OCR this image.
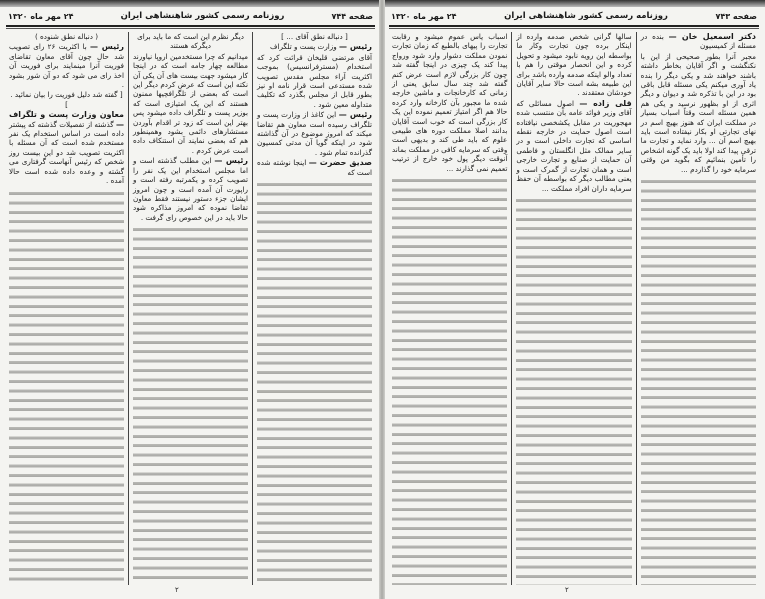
صفحه ۷۴۴
روزنامه رسمی کشور شاهنشاهی ایران
۲۴ مهر ماه ۱۳۲۰

[ دنباله نطق آقای ... ]

رئیس — وزارت پست و تلگراف

آقای مرتضی قلیخان قرائت کرد که استخدام (مسترفرانسیس) بموجب اکثریت آراء مجلس مقدس تصویب شده مستدعی است قرار نامه او نیز بطور قابل از مجلس بگذرد که تکلیف متداوله معین شود .

رئیس — این کاغذ از وزارت پست و تلگراف رسیده است معاون هم تقاضا میکند که امروز موضوع در آن گذاشته شود در اینکه گویا آن مدتی کمسیون گذرانده تمام شود .

صدیق حضرت — اینجا نوشته شده است که

دیگر نظرم این است که ما باید برای دیگرکه هستند

میدانیم که چرا مستخدمین اروپا نیاورند مطالعه چهار جامه است که در اینجا کار میشود جهت بیست های آن یکی آن نکته این است که عرض کردم دیگر این است که بعضی از تلگرافچیها ممنون هستند که این یک امتیازی است که بوزیر پست و تلگراف داده میشود پس بهتر این است که زود تر اقدام بآوردن مستشارهای دائمی بشود وهمینطور هم که بعضی نمایند آن استنکاف داده است عرض کردم .

رئیس — این مطلب گذشته است و اما مجلس استخدام این یک نفر را تصویب کرده و یکمرتبه رفته است و راپورت آن آمده است و چون امروز ایشان جزء دستور نیستند فقط معاون تقاضا نموده که امروز مذاکره شود حالا باید در این خصوص رای گرفت .

( دنباله نطق شنوده )

رئیس — با اکثریت ۲۶ رای تصویب شد حال چون آقای معاون تقاضای فوریت آنرا مینمایند برای فوریت آن اخذ رای می شود که دو آن شور بشود .

[ گفته شد دلیل فوریت را بیان نمائید . ]

معاون وزارت پست و تلگراف — گذشته از تفصیلات گذشته که پیشتر داده است در اساس استخدام یک نفر مستخدم شده است که آن مسئله با اکثریت تصویب شد دو این بیست روز شخص که رئیس آنهاست گرفتاری می گشته و وعده داده شده است حالا آمده .

صفحه ۷۴۳
روزنامه رسمی کشور شاهنشاهی ایران
۲۴ مهر ماه ۱۳۲۰

دکتر اسمعیل خان — بنده در مسئله از کمیسیون

مجبر آنرا بطور صحیحی از این با نکنگشت و اگر آقایان بخاطر داشته باشند خواهند شد و یکی دیگر را بنده یاد آوری میکنم یکی مسئله قابل باقی بود در این با تذکره شد و دیوان و دیگر اثری از او بظهور نرسید و یکی هم همین مسئله است وقتاً اسباب بسیار در مملکت ایران که هنوز بهیچ اسم در نهای تجارتی او بکار نیفتاده است باید بهیچ اسم آن ... وارد نماید و تجارت ما ترقی پیدا کند اولا باید یک گونه اشخاص را تأمین بنمائیم که بگوید من وقتی سرمایه خود را گذاردم ...

سالها گرانی شخص صدمه وارده از اینکار برده چون تجارت وکار ما بواسطه این رویه نابود میشود و تحویل کرده و این انحصار موقتی را هم با تعداد والو اینکه صدمه وارده باشد برای این طبیعه بشه است حالا سایر آقایان خودشان معتقدند .

قلی زاده — اصول مسائلی که آقای وزیر فوائد عامه بآن منتسب شده مهجوریت در مقابل یکشخصی نیافتاده است اصول حمایت در خارجه نقطه اساسی که تجارت داخلی است و در سایر ممالک مثل انگلستان و فاطمی آن حمایت از صنایع و تجارت خارجی است و همان تجارت از گمرک است و یعنی مطالب دیگر که بواسطه آن حفظ سرمایه داران افراد مملکت ...

اسباب یاس عموم میشود و رقابت تجارت را پیهای بالطبع که زمان تجارت نمودن مملکت دشوار وارد شود ورواج پیدا کند یک چیزی در اینجا گفته شد چون کار بزرگی لازم است عرض کنم گفته شد چند سال سابق یعنی از زمانی که کارخانجات و ماشین خارجه شده ما مجبور بآن کارخانه وارد کرده حالا هم اگر امتیاز تعمیم نموده این یک کار بزرگی است که خوب است آقایان بدانند اصلا مملکت دوره های طبیعی علوم که باید طی کند و بدیهی است وقتی که سرمایه کافی در مملکت بماند آنوقت دیگر پول خود خارج از ترتیب تعمیم نمی گذارند ...

۲	۲
